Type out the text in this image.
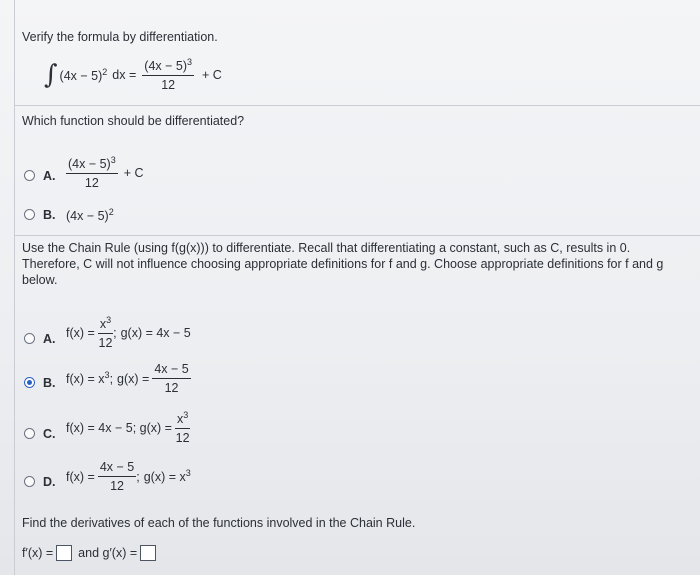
Verify the formula by differentiation.
∫ $(4x - 5)^2$ dx = $\frac{(4x - 5)^3}{12} + C$
Which function should be differentiated?
A. $\frac{(4x - 5)^3}{12} + C$
B. $(4x - 5)^2$
Use the Chain Rule (using f(g(x))) to differentiate. Recall that differentiating a constant, such as C, results in 0. Therefore, C will not influence choosing appropriate definitions for f and g. Choose appropriate definitions for f and g below.
A. $f(x) = \frac{x^3}{12}$ ; g(x) = 4x − 5
B. $f(x) = x^3$ ; $g(x) = \frac{4x - 5}{12}$
C. f(x) = 4x − 5; $g(x) = \frac{x^3}{12}$
D. $f(x) = \frac{4x - 5}{12}$ ; $g(x) = x^3$
Find the derivatives of each of the functions involved in the Chain Rule.
f′(x) = and g′(x) =
